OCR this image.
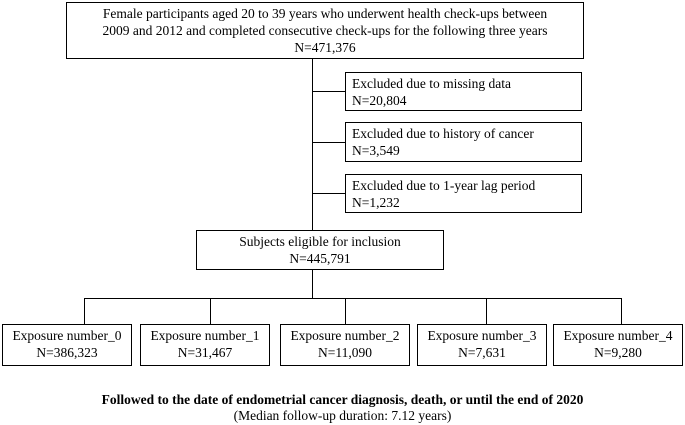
Female participants aged 20 to 39 years who underwent health check-ups between
2009 and 2012 and completed consecutive check-ups for the following three years
N=471,376
Excluded due to missing data
N=20,804
Excluded due to history of cancer
N=3,549
Excluded due to 1-year lag period
N=1,232
Subjects eligible for inclusion
N=445,791
Exposure number_0
N=386,323
Exposure number_1
N=31,467
Exposure number_2
N=11,090
Exposure number_3
N=7,631
Exposure number_4
N=9,280
Followed to the date of endometrial cancer diagnosis, death, or until the end of 2020
(Median follow-up duration: 7.12 years)
